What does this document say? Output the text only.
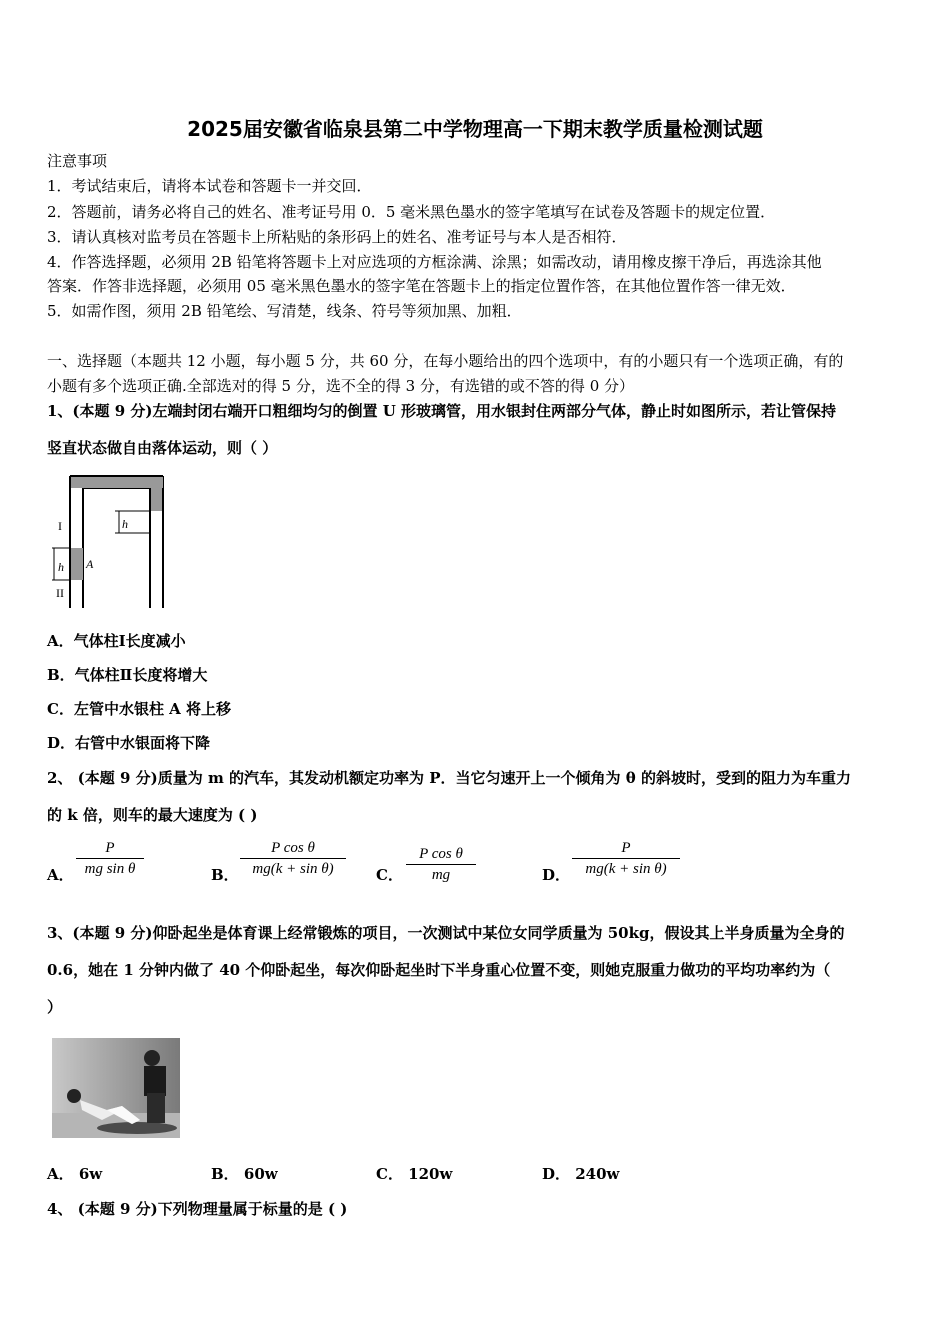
2025届安徽省临泉县第二中学物理高一下期末教学质量检测试题
注意事项
1．考试结束后，请将本试卷和答题卡一并交回．
2．答题前，请务必将自己的姓名、准考证号用 0．5 毫米黑色墨水的签字笔填写在试卷及答题卡的规定位置．
3．请认真核对监考员在答题卡上所粘贴的条形码上的姓名、准考证号与本人是否相符．
4．作答选择题，必须用 2B 铅笔将答题卡上对应选项的方框涂满、涂黑；如需改动，请用橡皮擦干净后，再选涂其他
答案．作答非选择题，必须用 05 毫米黑色墨水的签字笔在答题卡上的指定位置作答，在其他位置作答一律无效．
5．如需作图，须用 2B 铅笔绘、写清楚，线条、符号等须加黑、加粗．
一、选择题（本题共 12 小题，每小题 5 分，共 60 分，在每小题给出的四个选项中，有的小题只有一个选项正确，有的
小题有多个选项正确.全部选对的得 5 分，选不全的得 3 分，有选错的或不答的得 0 分）
1、(本题 9 分)左端封闭右端开口粗细均匀的倒置 U 形玻璃管，用水银封住两部分气体，静止时如图所示，若让管保持
竖直状态做自由落体运动，则（ ）
h
h A
I
II
A．气体柱Ⅰ长度减小
B．气体柱Ⅱ长度将增大
C．左管中水银柱 A 将上移
D．右管中水银面将下降
2、 (本题 9 分)质量为 m 的汽车，其发动机额定功率为 P．当它匀速开上一个倾角为 θ 的斜坡时，受到的阻力为车重力
的 k 倍，则车的最大速度为 ( )
A．
P
mg sin θ	B．
P cos θ
mg(k + sin θ)	C．
P cos θ
mg	D．
P
mg(k + sin θ)
3、(本题 9 分)仰卧起坐是体育课上经常锻炼的项目，一次测试中某位女同学质量为 50kg，假设其上半身质量为全身的
0.6，她在 1 分钟内做了 40 个仰卧起坐，每次仰卧起坐时下半身重心位置不变，则她克服重力做功的平均功率约为（
）
A． 6w	B． 60w	C． 120w	D． 240w
4、 (本题 9 分)下列物理量属于标量的是 ( )
